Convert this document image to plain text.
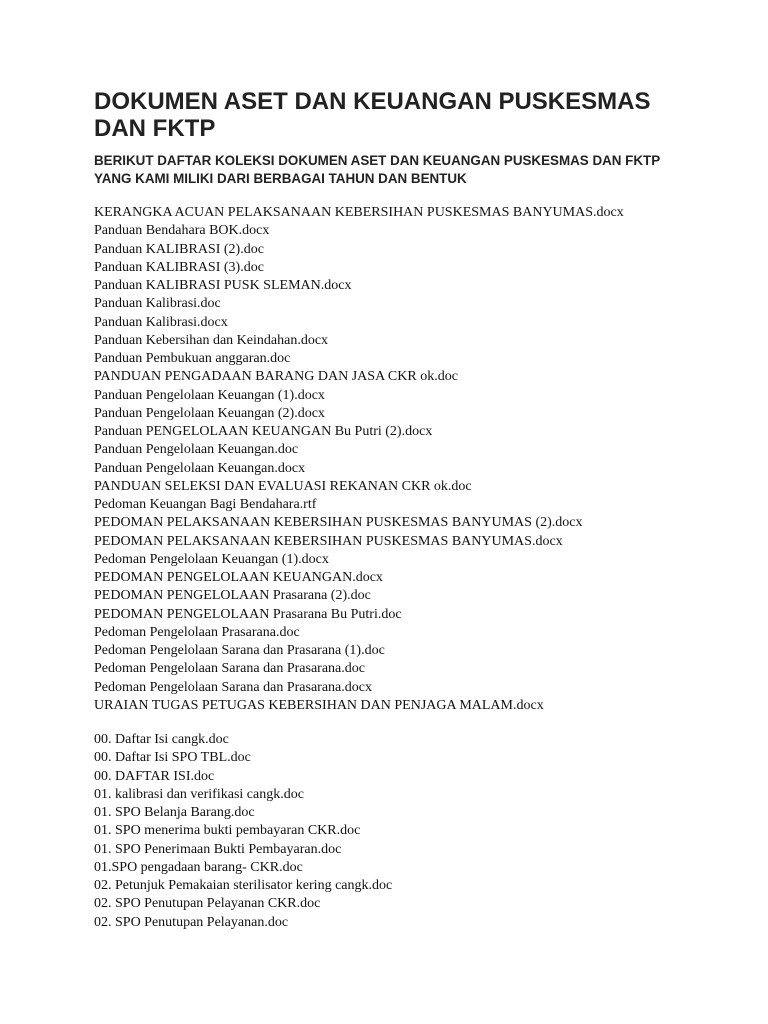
DOKUMEN ASET DAN KEUANGAN PUSKESMAS DAN FKTP

BERIKUT DAFTAR KOLEKSI DOKUMEN ASET DAN KEUANGAN PUSKESMAS DAN FKTP YANG KAMI MILIKI DARI BERBAGAI TAHUN DAN BENTUK

KERANGKA ACUAN PELAKSANAAN KEBERSIHAN PUSKESMAS BANYUMAS.docx
Panduan Bendahara BOK.docx
Panduan KALIBRASI (2).doc
Panduan KALIBRASI (3).doc
Panduan KALIBRASI PUSK SLEMAN.docx
Panduan Kalibrasi.doc
Panduan Kalibrasi.docx
Panduan Kebersihan dan Keindahan.docx
Panduan Pembukuan anggaran.doc
PANDUAN PENGADAAN BARANG DAN JASA CKR ok.doc
Panduan Pengelolaan Keuangan (1).docx
Panduan Pengelolaan Keuangan (2).docx
Panduan PENGELOLAAN KEUANGAN Bu Putri (2).docx
Panduan Pengelolaan Keuangan.doc
Panduan Pengelolaan Keuangan.docx
PANDUAN SELEKSI DAN EVALUASI REKANAN CKR ok.doc
Pedoman Keuangan Bagi Bendahara.rtf
PEDOMAN PELAKSANAAN KEBERSIHAN PUSKESMAS BANYUMAS (2).docx
PEDOMAN PELAKSANAAN KEBERSIHAN PUSKESMAS BANYUMAS.docx
Pedoman Pengelolaan Keuangan (1).docx
PEDOMAN PENGELOLAAN KEUANGAN.docx
PEDOMAN PENGELOLAAN Prasarana (2).doc
PEDOMAN PENGELOLAAN Prasarana Bu Putri.doc
Pedoman Pengelolaan Prasarana.doc
Pedoman Pengelolaan Sarana dan Prasarana (1).doc
Pedoman Pengelolaan Sarana dan Prasarana.doc
Pedoman Pengelolaan Sarana dan Prasarana.docx
URAIAN TUGAS PETUGAS KEBERSIHAN DAN PENJAGA MALAM.docx
00. Daftar Isi cangk.doc
00. Daftar Isi SPO TBL.doc
00. DAFTAR ISI.doc
01. kalibrasi dan verifikasi cangk.doc
01. SPO Belanja Barang.doc
01. SPO menerima bukti pembayaran CKR.doc
01. SPO Penerimaan Bukti Pembayaran.doc
01.SPO pengadaan barang- CKR.doc
02. Petunjuk Pemakaian sterilisator kering cangk.doc
02. SPO Penutupan Pelayanan CKR.doc
02. SPO Penutupan Pelayanan.doc
